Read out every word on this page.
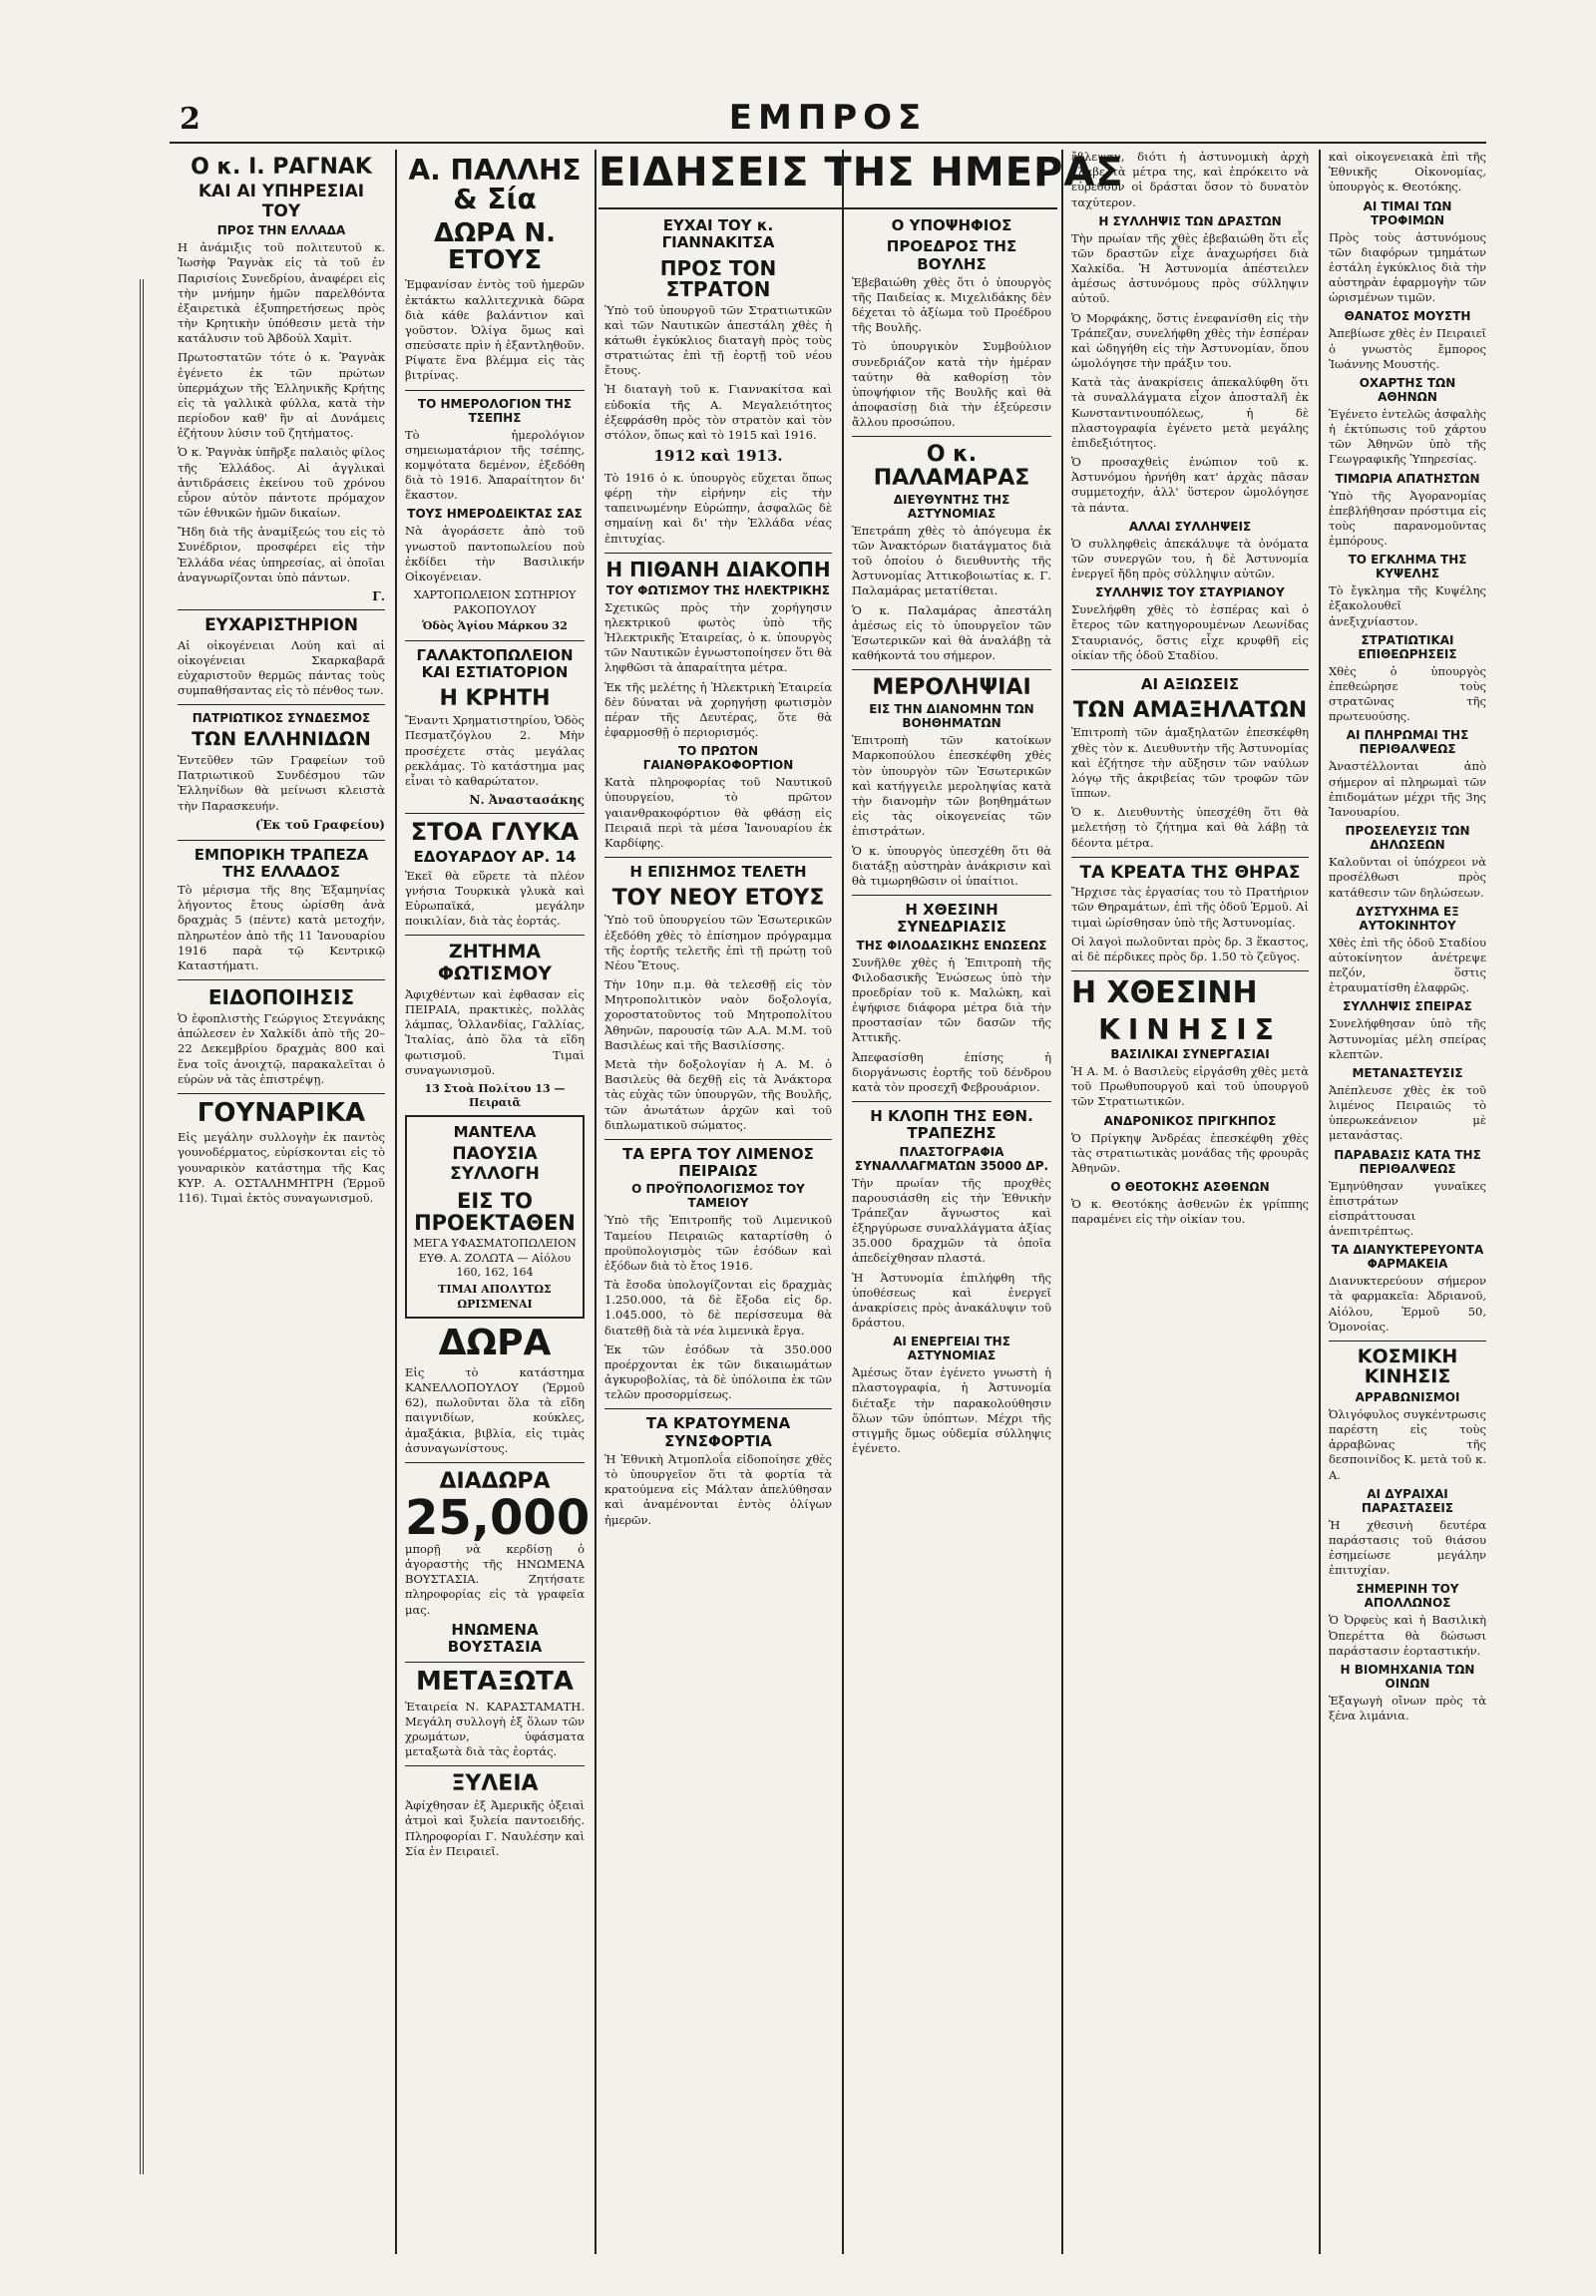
2	ΕΜΠΡΟΣ
ΕΙΔΗΣΕΙΣ ΤΗΣ ΗΜΕΡΑΣ
Ο κ. Ι. ΡΑΓΝΑΚ
ΚΑΙ ΑΙ ΥΠΗΡΕΣΙΑΙ ΤΟΥ
ΠΡΟΣ ΤΗΝ ΕΛΛΑΔΑ

Η ἀνάμιξις τοῦ πολιτευτοῦ κ. Ἰωσὴφ Ῥαγνὰκ εἰς τὰ τοῦ ἐν Παρισίοις Συνεδρίου, ἀναφέρει εἰς τὴν μνήμην ἡμῶν παρελθόντα ἐξαιρετικὰ ἐξυπηρετήσεως πρὸς τὴν Κρητικὴν ὑπόθεσιν μετὰ τὴν κατάλυσιν τοῦ Ἀβδούλ Χαμὶτ.

Πρωτοστατῶν τότε ὁ κ. Ῥαγνὰκ ἐγένετο ἐκ τῶν πρώτων ὑπερμάχων τῆς Ἑλληνικῆς Κρήτης εἰς τὰ γαλλικὰ φύλλα, κατὰ τὴν περίοδον καθ' ἣν αἱ Δυνάμεις ἐζήτουν λύσιν τοῦ ζητήματος.

Ὁ κ. Ῥαγνὰκ ὑπῆρξε παλαιὸς φίλος τῆς Ἑλλάδος. Αἱ ἀγγλικαὶ ἀντιδράσεις ἐκείνου τοῦ χρόνου εὗρον αὐτὸν πάντοτε πρόμαχον τῶν ἐθνικῶν ἡμῶν δικαίων.

Ἤδη διὰ τῆς ἀναμίξεώς του εἰς τὸ Συνέδριον, προσφέρει εἰς τὴν Ἑλλάδα νέας ὑπηρεσίας, αἱ ὁποῖαι ἀναγνωρίζονται ὑπὸ πάντων.

Γ.
ΕΥΧΑΡΙΣΤΗΡΙΟΝ

Αἱ οἰκογένειαι Λούη καὶ αἱ οἰκογένειαι Σκαρκαβαρᾶ εὐχαριστοῦν θερμῶς πάντας τοὺς συμπαθήσαντας εἰς τὸ πένθος των.

ΠΑΤΡΙΩΤΙΚΟΣ ΣΥΝΔΕΣΜΟΣ
ΤΩΝ ΕΛΛΗΝΙΔΩΝ

Ἐντεῦθεν τῶν Γραφείων τοῦ Πατριωτικοῦ Συνδέσμου τῶν Ἑλληνίδων θὰ μείνωσι κλειστὰ τὴν Παρασκευήν.

(Ἐκ τοῦ Γραφείου)

ΕΜΠΟΡΙΚΗ ΤΡΑΠΕΖΑ ΤΗΣ ΕΛΛΑΔΟΣ

Τὸ μέρισμα τῆς 8ης Ἐξαμηνίας λήγοντος ἔτους ὡρίσθη ἀνὰ δραχμὰς 5 (πέντε) κατὰ μετοχήν, πληρωτέον ἀπὸ τῆς 11 Ἰανουαρίου 1916 παρὰ τῷ Κεντρικῷ Καταστήματι.

ΕΙΔΟΠΟΙΗΣΙΣ

Ὁ ἐφοπλιστὴς Γεώργιος Στεγνάκης ἀπώλεσεν ἐν Χαλκίδι ἀπὸ τῆς 20–22 Δεκεμβρίου δραχμὰς 800 καὶ ἕνα τοῖς ἀνοιχτῷ, παρακαλεῖται ὁ εὑρὼν νὰ τὰς ἐπιστρέψῃ.

ΓΟΥΝΑΡΙΚΑ

Εἰς μεγάλην συλλογὴν ἐκ παντὸς γουνοδέρματος, εὑρίσκονται εἰς τὸ γουναρικὸν κατάστημα τῆς Κας ΚΥΡ. Α. ΟΣΤΑΛΗΜΗΤΡΗ (Ἑρμοῦ 116). Τιμαὶ ἐκτὸς συναγωνισμοῦ.

Α. ΠΑΛΛΗΣ & Σία
ΔΩΡΑ Ν. ΕΤΟΥΣ

Ἐμφανίσαν ἐντὸς τοῦ ἡμερῶν ἐκτάκτω καλλιτεχνικὰ δῶρα διὰ κάθε βαλάντιον καὶ γοῦστον. Ὀλίγα ὅμως καὶ σπεύσατε πρὶν ἡ ἐξαντληθοῦν. Ρίψατε ἕνα βλέμμα εἰς τὰς βιτρίνας.

ΤΟ ΗΜΕΡΟΛΟΓΙΟΝ ΤΗΣ ΤΣΕΠΗΣ

Τὸ ἡμερολόγιον σημειωματάριον τῆς τσέπης, κομψότατα δεμένον, ἐξεδόθη διὰ τὸ 1916. Ἀπαραίτητον δι' ἕκαστον.

ΤΟΥΣ ΗΜΕΡΟΔΕΙΚΤΑΣ ΣΑΣ

Νὰ ἀγοράσετε ἀπὸ τοῦ γνωστοῦ παντοπωλείου ποὺ ἐκδίδει τὴν Βασιλικήν Οἰκογένειαν.

ΧΑΡΤΟΠΩΛΕΙΟΝ ΣΩΤΗΡΙΟΥ ΡΑΚΟΠΟΥΛΟΥ

Ὁδὸς Ἁγίου Μάρκου 32

ΓΑΛΑΚΤΟΠΩΛΕΙΟΝ ΚΑΙ ΕΣΤΙΑΤΟΡΙΟΝ
Η ΚΡΗΤΗ

Ἔναντι Χρηματιστηρίου, Ὁδὸς Πεσματζόγλου 2. Μὴν προσέχετε στὰς μεγάλας ρεκλάμας. Τὸ κατάστημα μας εἶναι τὸ καθαρώτατον.

Ν. Ἀναστασάκης
ΣΤΟΑ ΓΛΥΚΑ
ΕΔΟΥΑΡΔΟΥ ΑΡ. 14

Ἐκεῖ θὰ εὕρετε τὰ πλέον γνήσια Τουρκικὰ γλυκὰ καὶ Εὐρωπαϊκά, μεγάλην ποικιλίαν, διὰ τὰς ἑορτάς.

ΖΗΤΗΜΑ ΦΩΤΙΣΜΟΥ

Ἀφιχθέντων καὶ ἐφθασαν εἰς ΠΕΙΡΑΙΑ, πρακτικὲς, πολλὰς λάμπας, Ὁλλανδίας, Γαλλίας, Ἰταλίας, ἀπὸ ὅλα τὰ εἴδη φωτισμοῦ. Τιμαὶ συναγωνισμοῦ.

13 Στοὰ Πολίτου 13 — Πειραιᾶ

ΜΑΝΤΕΛΑ
ΠΑΟΥΣΙΑ ΣΥΛΛΟΓΗ
ΕΙΣ ΤΟ ΠΡΟΕΚΤΑΘΕΝ

ΜΕΓΑ ΥΦΑΣΜΑΤΟΠΩΛΕΙΟΝ ΕΥΘ. Α. ΖΟΛΩΤΑ — Αἰόλου 160, 162, 164

ΤΙΜΑΙ ΑΠΟΛΥΤΩΣ ΩΡΙΣΜΕΝΑΙ

ΔΩΡΑ

Εἰς τὸ κατάστημα ΚΑΝΕΛΛΟΠΟΥΛΟΥ (Ἑρμοῦ 62), πωλοῦνται ὅλα τὰ εἴδη παιγνιδίων, κούκλες, ἀμαξάκια, βιβλία, εἰς τιμὰς ἀσυναγωνίστους.

ΔΙΑΔΩΡΑ
25,000

μπορῇ νὰ κερδίσῃ ὁ ἀγοραστὴς τῆς ΗΝΩΜΕΝΑ ΒΟΥΣΤΑΣΙΑ. Ζητήσατε πληροφορίας εἰς τὰ γραφεῖα μας.

ΗΝΩΜΕΝΑ ΒΟΥΣΤΑΣΙΑ
ΜΕΤΑΞΩΤΑ

Ἑταιρεία Ν. ΚΑΡΑΣΤΑΜΑΤΗ. Μεγάλη συλλογὴ ἐξ ὅλων τῶν χρωμάτων, ὑφάσματα μεταξωτὰ διὰ τὰς ἑορτάς.

ΞΥΛΕΙΑ

Ἀφίχθησαν ἐξ Ἀμερικῆς ὀξειαὶ ἀτμοὶ καὶ ξυλεία παντοειδής. Πληροφορίαι Γ. Ναυλέσην καὶ Σία ἐν Πειραιεῖ.

ΕΥΧΑΙ ΤΟΥ κ. ΓΙΑΝΝΑΚΙΤΣΑ
ΠΡΟΣ ΤΟΝ ΣΤΡΑΤΟΝ

Ὑπὸ τοῦ ὑπουργοῦ τῶν Στρατιωτικῶν καὶ τῶν Ναυτικῶν ἀπεστάλη χθὲς ἡ κάτωθι ἐγκύκλιος διαταγὴ πρὸς τοὺς στρατιώτας ἐπὶ τῇ ἑορτῇ τοῦ νέου ἔτους.

Ἡ διαταγὴ τοῦ κ. Γιαννακίτσα καὶ εὐδοκία τῆς Α. Μεγαλειότητος ἐξεφράσθη πρὸς τὸν στρατὸν καὶ τὸν στόλον, ὅπως καὶ τὸ 1915 καὶ 1916.

1912 καὶ 1913.

Τὸ 1916 ὁ κ. ὑπουργὸς εὔχεται ὅπως φέρῃ τὴν εἰρήνην εἰς τὴν ταπεινωμένην Εὐρώπην, ἀσφαλῶς δὲ σημαίνῃ καὶ δι' τὴν Ἑλλάδα νέας ἐπιτυχίας.

Η ΠΙΘΑΝΗ ΔΙΑΚΟΠΗ
ΤΟΥ ΦΩΤΙΣΜΟΥ ΤΗΣ ΗΛΕΚΤΡΙΚΗΣ

Σχετικῶς πρὸς τὴν χορήγησιν ηλεκτρικοῦ φωτὸς ὑπὸ τῆς Ἠλεκτρικῆς Ἑταιρείας, ὁ κ. ὑπουργὸς τῶν Ναυτικῶν ἐγνωστοποίησεν ὅτι θὰ ληφθῶσι τὰ ἀπαραίτητα μέτρα.

Ἐκ τῆς μελέτης ἡ Ἠλεκτρικὴ Ἑταιρεία δὲν δύναται νὰ χορηγήσῃ φωτισμὸν πέραν τῆς Δευτέρας, ὅτε θὰ ἐφαρμοσθῇ ὁ περιορισμός.

ΤΟ ΠΡΩΤΟΝ ΓΑΙΑΝΘΡΑΚΟΦΟΡΤΙΟΝ

Κατὰ πληροφορίας τοῦ Ναυτικοῦ ὑπουργείου, τὸ πρῶτον γαιανθρακοφόρτιον θὰ φθάσῃ εἰς Πειραιᾶ περὶ τὰ μέσα Ἰανουαρίου ἐκ Καρδίφης.

Η ΕΠΙΣΗΜΟΣ ΤΕΛΕΤΗ
ΤΟΥ ΝΕΟΥ ΕΤΟΥΣ

Ὑπὸ τοῦ ὑπουργείου τῶν Ἐσωτερικῶν ἐξεδόθη χθὲς τὸ ἐπίσημον πρόγραμμα τῆς ἐορτῆς τελετῆς ἐπὶ τῇ πρώτῃ τοῦ Νέου Ἔτους.

Τὴν 10ην π.μ. θὰ τελεσθῇ εἰς τὸν Μητροπολιτικὸν ναὸν δοξολογία, χοροστατοῦντος τοῦ Μητροπολίτου Ἀθηνῶν, παρουσίᾳ τῶν Α.Α. Μ.Μ. τοῦ Βασιλέως καὶ τῆς Βασιλίσσης.

Μετὰ τὴν δοξολογίαν ἡ Α. Μ. ὁ Βασιλεὺς θὰ δεχθῇ εἰς τὰ Ἀνάκτορα τὰς εὐχὰς τῶν ὑπουργῶν, τῆς Βουλῆς, τῶν ἀνωτάτων ἀρχῶν καὶ τοῦ διπλωματικοῦ σώματος.

ΤΑ ΕΡΓΑ ΤΟΥ ΛΙΜΕΝΟΣ ΠΕΙΡΑΙΩΣ
Ο ΠΡΟΫΠΟΛΟΓΙΣΜΟΣ ΤΟΥ ΤΑΜΕΙΟΥ

Ὑπὸ τῆς Ἐπιτροπῆς τοῦ Λιμενικοῦ Ταμείου Πειραιῶς καταρτίσθη ὁ προϋπολογισμὸς τῶν ἐσόδων καὶ ἐξόδων διὰ τὸ ἔτος 1916.

Τὰ ἔσοδα ὑπολογίζονται εἰς δραχμὰς 1.250.000, τὰ δὲ ἔξοδα εἰς δρ. 1.045.000, τὸ δὲ περίσσευμα θὰ διατεθῇ διὰ τὰ νέα λιμενικὰ ἔργα.

Ἐκ τῶν ἐσόδων τὰ 350.000 προέρχονται ἐκ τῶν δικαιωμάτων ἀγκυροβολίας, τὰ δὲ ὑπόλοιπα ἐκ τῶν τελῶν προσορμίσεως.

ΤΑ ΚΡΑΤΟΥΜΕΝΑ ΣΥΝΣΦΟΡΤΙΑ

Ἡ Ἐθνικὴ Ἀτμοπλοΐα εἰδοποίησε χθὲς τὸ ὑπουργεῖον ὅτι τὰ φορτία τὰ κρατούμενα εἰς Μάλταν ἀπελύθησαν καὶ ἀναμένονται ἐντὸς ὀλίγων ἡμερῶν.

Ο ΥΠΟΨΗΦΙΟΣ
ΠΡΟΕΔΡΟΣ ΤΗΣ ΒΟΥΛΗΣ

Ἐβεβαιώθη χθὲς ὅτι ὁ ὑπουργὸς τῆς Παιδείας κ. Μιχελιδάκης δὲν δέχεται τὸ ἀξίωμα τοῦ Προέδρου τῆς Βουλῆς.

Τὸ ὑπουργικὸν Συμβούλιον συνεδριάζον κατὰ τὴν ἡμέραν ταύτην θὰ καθορίσῃ τὸν ὑποψήφιον τῆς Βουλῆς καὶ θὰ ἀποφασίσῃ διὰ τὴν ἐξεύρεσιν ἄλλου προσώπου.

Ο κ. ΠΑΛΑΜΑΡΑΣ
ΔΙΕΥΘΥΝΤΗΣ ΤΗΣ ΑΣΤΥΝΟΜΙΑΣ

Ἐπετράπη χθὲς τὸ ἀπόγευμα ἐκ τῶν Ἀνακτόρων διατάγματος διὰ τοῦ ὁποίου ὁ διευθυντὴς τῆς Ἀστυνομίας Ἀττικοβοιωτίας κ. Γ. Παλαμάρας μετατίθεται.

Ὁ κ. Παλαμάρας ἀπεστάλη ἀμέσως εἰς τὸ ὑπουργεῖον τῶν Ἐσωτερικῶν καὶ θὰ ἀναλάβῃ τὰ καθήκοντά του σήμερον.

ΜΕΡΟΛΗΨΙΑΙ
ΕΙΣ ΤΗΝ ΔΙΑΝΟΜΗΝ ΤΩΝ ΒΟΗΘΗΜΑΤΩΝ

Ἐπιτροπὴ τῶν κατοίκων Μαρκοπούλου ἐπεσκέφθη χθὲς τὸν ὑπουργὸν τῶν Ἐσωτερικῶν καὶ κατήγγειλε μεροληψίας κατὰ τὴν διανομὴν τῶν βοηθημάτων εἰς τὰς οἰκογενείας τῶν ἐπιστράτων.

Ὁ κ. ὑπουργὸς ὑπεσχέθη ὅτι θὰ διατάξῃ αὐστηρὰν ἀνάκρισιν καὶ θὰ τιμωρηθῶσιν οἱ ὑπαίτιοι.

Η ΧΘΕΣΙΝΗ ΣΥΝΕΔΡΙΑΣΙΣ
ΤΗΣ ΦΙΛΟΔΑΣΙΚΗΣ ΕΝΩΣΕΩΣ

Συνῆλθε χθὲς ἡ Ἐπιτροπὴ τῆς Φιλοδασικῆς Ἑνώσεως ὑπὸ τὴν προεδρίαν τοῦ κ. Μαλώκη, καὶ ἐψήφισε διάφορα μέτρα διὰ τὴν προστασίαν τῶν δασῶν τῆς Ἀττικῆς.

Ἀπεφασίσθη ἐπίσης ἡ διοργάνωσις ἑορτῆς τοῦ δένδρου κατὰ τὸν προσεχῆ Φεβρουάριον.

Η ΚΛΟΠΗ ΤΗΣ ΕΘΝ. ΤΡΑΠΕΖΗΣ
ΠΛΑΣΤΟΓΡΑΦΙΑ ΣΥΝΑΛΛΑΓΜΑΤΩΝ 35000 ΔΡ.

Τὴν πρωίαν τῆς προχθὲς παρουσιάσθη εἰς τὴν Ἐθνικὴν Τράπεζαν ἄγνωστος καὶ ἐξηργύρωσε συναλλάγματα ἀξίας 35.000 δραχμῶν τὰ ὁποῖα ἀπεδείχθησαν πλαστά.

Ἡ Ἀστυνομία ἐπιλήφθη τῆς ὑποθέσεως καὶ ἐνεργεῖ ἀνακρίσεις πρὸς ἀνακάλυψιν τοῦ δράστου.

ΑΙ ΕΝΕΡΓΕΙΑΙ ΤΗΣ ΑΣΤΥΝΟΜΙΑΣ

Ἀμέσως ὅταν ἐγένετο γνωστὴ ἡ πλαστογραφία, ἡ Ἀστυνομία διέταξε τὴν παρακολούθησιν ὅλων τῶν ὑπόπτων. Μέχρι τῆς στιγμῆς ὅμως οὐδεμία σύλληψις ἐγένετο.

ἔβλεψαν, διότι ἡ ἀστυνομικὴ ἀρχὴ ἔλαβε τὰ μέτρα της, καὶ ἐπρόκειτο νὰ εὑρεθοῦν οἱ δράσται ὅσον τὸ δυνατὸν ταχύτερον.

Η ΣΥΛΛΗΨΙΣ ΤΩΝ ΔΡΑΣΤΩΝ

Τὴν πρωίαν τῆς χθὲς ἐβεβαιώθη ὅτι εἷς τῶν δραστῶν εἶχε ἀναχωρήσει διὰ Χαλκίδα. Ἡ Ἀστυνομία ἀπέστειλεν ἀμέσως ἀστυνόμους πρὸς σύλληψιν αὐτοῦ.

Ὁ Μορφάκης, ὅστις ἐνεφανίσθη εἰς τὴν Τράπεζαν, συνελήφθη χθὲς τὴν ἑσπέραν καὶ ὡδηγήθη εἰς τὴν Ἀστυνομίαν, ὅπου ὡμολόγησε τὴν πράξιν του.

Κατὰ τὰς ἀνακρίσεις ἀπεκαλύφθη ὅτι τὰ συναλλάγματα εἶχον ἀποσταλῆ ἐκ Κωνσταντινουπόλεως, ἡ δὲ πλαστογραφία ἐγένετο μετὰ μεγάλης ἐπιδεξιότητος.

Ὁ προσαχθεὶς ἐνώπιον τοῦ κ. Ἀστυνόμου ἠρνήθη κατ' ἀρχὰς πᾶσαν συμμετοχήν, ἀλλ' ὕστερον ὡμολόγησε τὰ πάντα.

ΑΛΛΑΙ ΣΥΛΛΗΨΕΙΣ

Ὁ συλληφθεὶς ἀπεκάλυψε τὰ ὀνόματα τῶν συνεργῶν του, ἡ δὲ Ἀστυνομία ἐνεργεῖ ἤδη πρὸς σύλληψιν αὐτῶν.

ΣΥΛΛΗΨΙΣ ΤΟΥ ΣΤΑΥΡΙΑΝΟΥ

Συνελήφθη χθὲς τὸ ἑσπέρας καὶ ὁ ἔτερος τῶν κατηγορουμένων Λεωνίδας Σταυριανός, ὅστις εἶχε κρυφθῆ εἰς οἰκίαν τῆς ὁδοῦ Σταδίου.

ΑΙ ΑΞΙΩΣΕΙΣ
ΤΩΝ ΑΜΑΞΗΛΑΤΩΝ

Ἐπιτροπὴ τῶν ἀμαξηλατῶν ἐπεσκέφθη χθὲς τὸν κ. Διευθυντὴν τῆς Ἀστυνομίας καὶ ἐζήτησε τὴν αὔξησιν τῶν ναύλων λόγῳ τῆς ἀκριβείας τῶν τροφῶν τῶν ἵππων.

Ὁ κ. Διευθυντὴς ὑπεσχέθη ὅτι θὰ μελετήσῃ τὸ ζήτημα καὶ θὰ λάβῃ τὰ δέοντα μέτρα.

ΤΑ ΚΡΕΑΤΑ ΤΗΣ ΘΗΡΑΣ

Ἤρχισε τὰς ἐργασίας του τὸ Πρατήριον τῶν Θηραμάτων, ἐπὶ τῆς ὁδοῦ Ἑρμοῦ. Αἱ τιμαὶ ὡρίσθησαν ὑπὸ τῆς Ἀστυνομίας.

Οἱ λαγοὶ πωλοῦνται πρὸς δρ. 3 ἕκαστος, αἱ δὲ πέρδικες πρὸς δρ. 1.50 τὸ ζεῦγος.

Η ΧΘΕΣΙΝΗ
ΚΙΝΗΣΙΣ
ΒΑΣΙΛΙΚΑΙ ΣΥΝΕΡΓΑΣΙΑΙ

Ἡ Α. Μ. ὁ Βασιλεὺς εἰργάσθη χθὲς μετὰ τοῦ Πρωθυπουργοῦ καὶ τοῦ ὑπουργοῦ τῶν Στρατιωτικῶν.

ΑΝΔΡΟΝΙΚΟΣ ΠΡΙΓΚΗΠΟΣ

Ὁ Πρίγκηψ Ἀνδρέας ἐπεσκέφθη χθὲς τὰς στρατιωτικὰς μονάδας τῆς φρουρᾶς Ἀθηνῶν.

Ο ΘΕΟΤΟΚΗΣ ΑΣΘΕΝΩΝ

Ὁ κ. Θεοτόκης ἀσθενῶν ἐκ γρίππης παραμένει εἰς τὴν οἰκίαν του.

καὶ οἰκογενειακὰ ἐπὶ τῆς Ἐθνικῆς Οἰκονομίας, ὑπουργὸς κ. Θεοτόκης.

ΑΙ ΤΙΜΑΙ ΤΩΝ ΤΡΟΦΙΜΩΝ

Πρὸς τοὺς ἀστυνόμους τῶν διαφόρων τμημάτων ἐστάλη ἐγκύκλιος διὰ τὴν αὐστηρὰν ἐφαρμογὴν τῶν ὡρισμένων τιμῶν.

ΘΑΝΑΤΟΣ ΜΟΥΣΤΗ

Ἀπεβίωσε χθὲς ἐν Πειραιεῖ ὁ γνωστὸς ἔμπορος Ἰωάννης Μουστής.

ΟΧΑΡΤΗΣ ΤΩΝ ΑΘΗΝΩΝ

Ἐγένετο ἐντελῶς ἀσφαλὴς ἡ ἐκτύπωσις τοῦ χάρτου τῶν Ἀθηνῶν ὑπὸ τῆς Γεωγραφικῆς Ὑπηρεσίας.

ΤΙΜΩΡΙΑ ΑΠΑΤΗΣΤΩΝ

Ὑπὸ τῆς Ἀγορανομίας ἐπεβλήθησαν πρόστιμα εἰς τοὺς παρανομοῦντας ἐμπόρους.

ΤΟ ΕΓΚΛΗΜΑ ΤΗΣ ΚΥΨΕΛΗΣ

Τὸ ἔγκλημα τῆς Κυψέλης ἐξακολουθεῖ ἀνεξιχνίαστον.

ΣΤΡΑΤΙΩΤΙΚΑΙ ΕΠΙΘΕΩΡΗΣΕΙΣ

Χθὲς ὁ ὑπουργὸς ἐπεθεώρησε τοὺς στρατῶνας τῆς πρωτευούσης.

ΑΙ ΠΛΗΡΩΜΑΙ ΤΗΣ ΠΕΡΙΘΑΛΨΕΩΣ

Ἀναστέλλονται ἀπὸ σήμερον αἱ πληρωμαὶ τῶν ἐπιδομάτων μέχρι τῆς 3ης Ἰανουαρίου.

ΠΡΟΣΕΛΕΥΣΙΣ ΤΩΝ ΔΗΛΩΣΕΩΝ

Καλοῦνται οἱ ὑπόχρεοι νὰ προσέλθωσι πρὸς κατάθεσιν τῶν δηλώσεων.

ΔΥΣΤΥΧΗΜΑ ΕΞ ΑΥΤΟΚΙΝΗΤΟΥ

Χθὲς ἐπὶ τῆς ὁδοῦ Σταδίου αὐτοκίνητον ἀνέτρεψε πεζόν, ὅστις ἐτραυματίσθη ἐλαφρῶς.

ΣΥΛΛΗΨΙΣ ΣΠΕΙΡΑΣ

Συνελήφθησαν ὑπὸ τῆς Ἀστυνομίας μέλη σπείρας κλεπτῶν.

ΜΕΤΑΝΑΣΤΕΥΣΙΣ

Ἀπέπλευσε χθὲς ἐκ τοῦ λιμένος Πειραιῶς τὸ ὑπερωκεάνειον μὲ μετανάστας.

ΠΑΡΑΒΑΣΙΣ ΚΑΤΑ ΤΗΣ ΠΕΡΙΘΑΛΨΕΩΣ

Ἐμηνύθησαν γυναῖκες ἐπιστράτων εἰσπράττουσαι ἀνεπιτρέπτως.

ΤΑ ΔΙΑΝΥΚΤΕΡΕΥΟΝΤΑ ΦΑΡΜΑΚΕΙΑ

Διανυκτερεύουν σήμερον τὰ φαρμακεῖα: Ἀδριανοῦ, Αἰόλου, Ἑρμοῦ 50, Ὁμονοίας.

ΚΟΣΜΙΚΗ ΚΙΝΗΣΙΣ
ΑΡΡΑΒΩΝΙΣΜΟΙ

Ὀλιγόφυλος συγκέντρωσις παρέστη εἰς τοὺς ἀρραβῶνας τῆς δεσποινίδος Κ. μετὰ τοῦ κ. Α.

ΑΙ ΔΥΡΑΙΧΑΙ ΠΑΡΑΣΤΑΣΕΙΣ

Ἡ χθεσινὴ δευτέρα παράστασις τοῦ θιάσου ἐσημείωσε μεγάλην ἐπιτυχίαν.

ΣΗΜΕΡΙΝΗ ΤΟΥ ΑΠΟΛΛΩΝΟΣ

Ὁ Ὀρφεὺς καὶ ἡ Βασιλικὴ Ὀπερέττα θὰ δώσωσι παράστασιν ἑορταστικήν.

Η ΒΙΟΜΗΧΑΝΙΑ ΤΩΝ ΟΙΝΩΝ

Ἐξαγωγὴ οἴνων πρὸς τὰ ξένα λιμάνια.
